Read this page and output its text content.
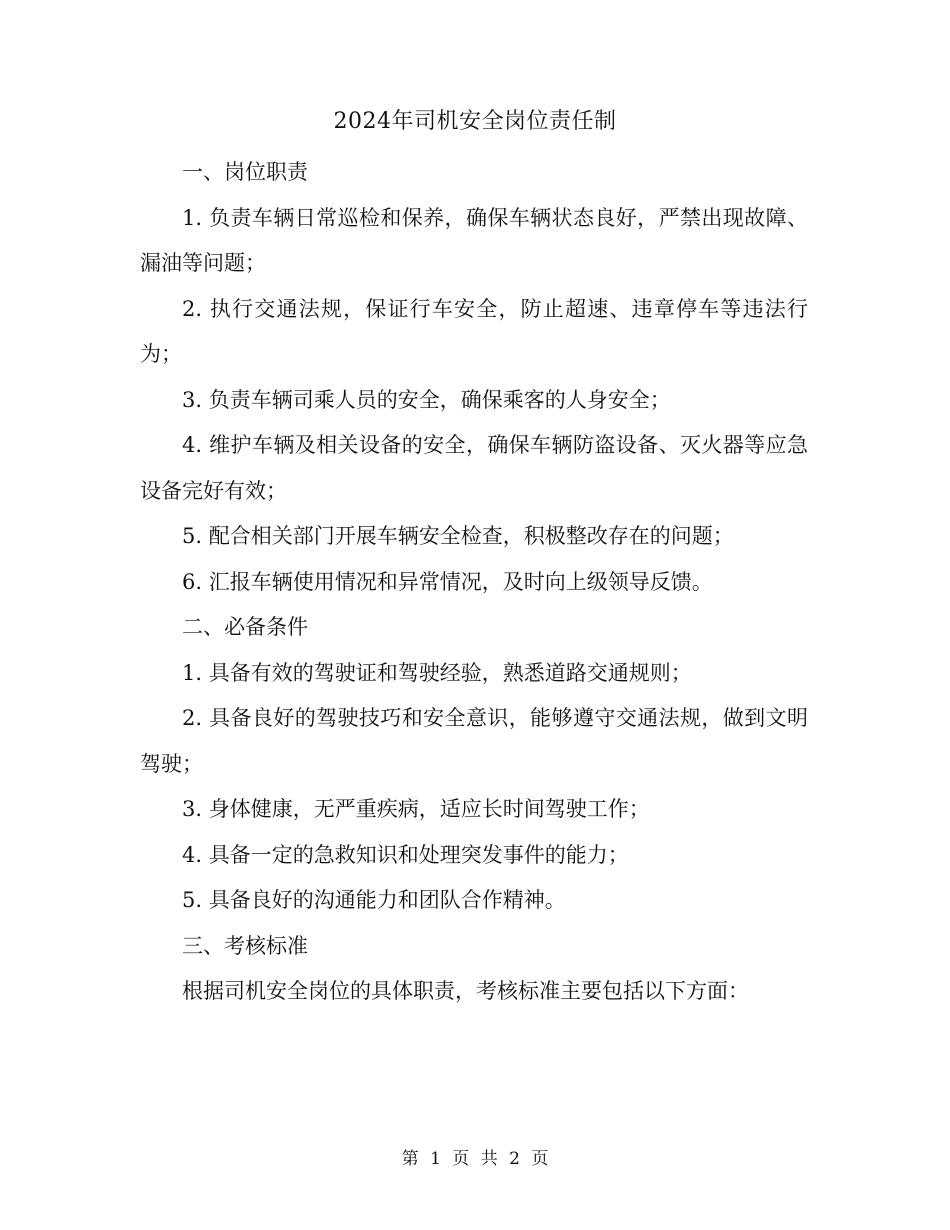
2024年司机安全岗位责任制

一、岗位职责

1. 负责车辆日常巡检和保养，确保车辆状态良好，严禁出现故障、漏油等问题；

2. 执行交通法规，保证行车安全，防止超速、违章停车等违法行为；

3. 负责车辆司乘人员的安全，确保乘客的人身安全；

4. 维护车辆及相关设备的安全，确保车辆防盗设备、灭火器等应急设备完好有效；

5. 配合相关部门开展车辆安全检查，积极整改存在的问题；

6. 汇报车辆使用情况和异常情况，及时向上级领导反馈。

二、必备条件

1. 具备有效的驾驶证和驾驶经验，熟悉道路交通规则；

2. 具备良好的驾驶技巧和安全意识，能够遵守交通法规，做到文明驾驶；

3. 身体健康，无严重疾病，适应长时间驾驶工作；

4. 具备一定的急救知识和处理突发事件的能力；

5. 具备良好的沟通能力和团队合作精神。

三、考核标准

根据司机安全岗位的具体职责，考核标准主要包括以下方面：

第 1 页 共 2 页
